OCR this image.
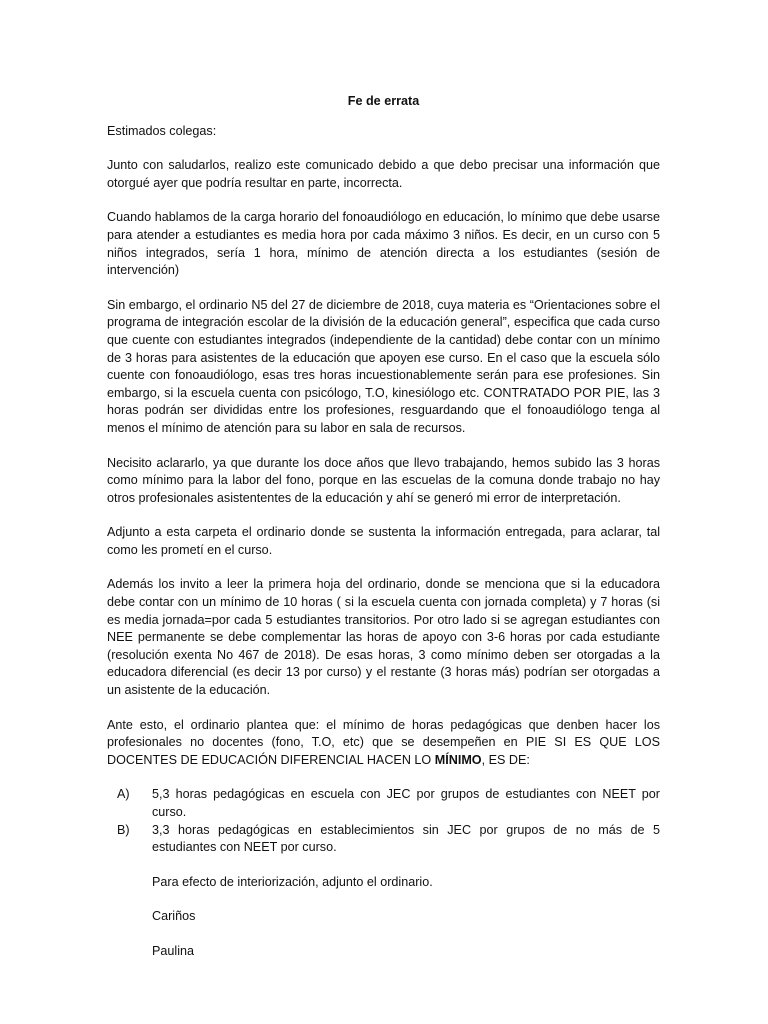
Fe de errata

Estimados colegas:

Junto con saludarlos, realizo este comunicado debido a que debo precisar una información que otorgué ayer que podría resultar en parte, incorrecta.

Cuando hablamos de la carga horario del fonoaudiólogo en educación, lo mínimo que debe usarse para atender a estudiantes es media hora por cada máximo 3 niños. Es decir, en un curso con 5 niños integrados, sería 1 hora, mínimo de atención directa a los estudiantes (sesión de intervención)

Sin embargo, el ordinario N5 del 27 de diciembre de 2018, cuya materia es “Orientaciones sobre el programa de integración escolar de la división de la educación general”, especifica que cada curso que cuente con estudiantes integrados (independiente de la cantidad) debe contar con un mínimo de 3 horas para asistentes de la educación que apoyen ese curso. En el caso que la escuela sólo cuente con fonoaudiólogo, esas tres horas incuestionablemente serán para ese profesiones. Sin embargo, si la escuela cuenta con psicólogo, T.O, kinesiólogo etc. CONTRATADO POR PIE, las 3 horas podrán ser divididas entre los profesiones, resguardando que el fonoaudiólogo tenga al menos el mínimo de atención para su labor en sala de recursos.

Necisito aclararlo, ya que durante los doce años que llevo trabajando, hemos subido las 3 horas como mínimo para la labor del fono, porque en las escuelas de la comuna donde trabajo no hay otros profesionales asistententes de la educación y ahí se generó mi error de interpretación.

Adjunto a esta carpeta el ordinario donde se sustenta la información entregada, para aclarar, tal como les prometí en el curso.

Además los invito a leer la primera hoja del ordinario, donde se menciona que si la educadora debe contar con un mínimo de 10 horas ( si la escuela cuenta con jornada completa) y 7 horas (si es media jornada=por cada 5 estudiantes transitorios. Por otro lado si se agregan estudiantes con NEE permanente se debe complementar las horas de apoyo con 3-6 horas por cada estudiante (resolución exenta No 467 de 2018). De esas horas, 3 como mínimo deben ser otorgadas a la educadora diferencial (es decir 13 por curso) y el restante (3 horas más) podrían ser otorgadas a un asistente de la educación.

Ante esto, el ordinario plantea que: el mínimo de horas pedagógicas que denben hacer los profesionales no docentes (fono, T.O, etc) que se desempeñen en PIE SI ES QUE LOS DOCENTES DE EDUCACIÓN DIFERENCIAL HACEN LO MÍNIMO, ES DE:

A) 5,3 horas pedagógicas en escuela con JEC por grupos de estudiantes con NEET por curso.
B) 3,3 horas pedagógicas en establecimientos sin JEC por grupos de no más de 5 estudiantes con NEET por curso.
Para efecto de interiorización, adjunto el ordinario.
Cariños
Paulina
